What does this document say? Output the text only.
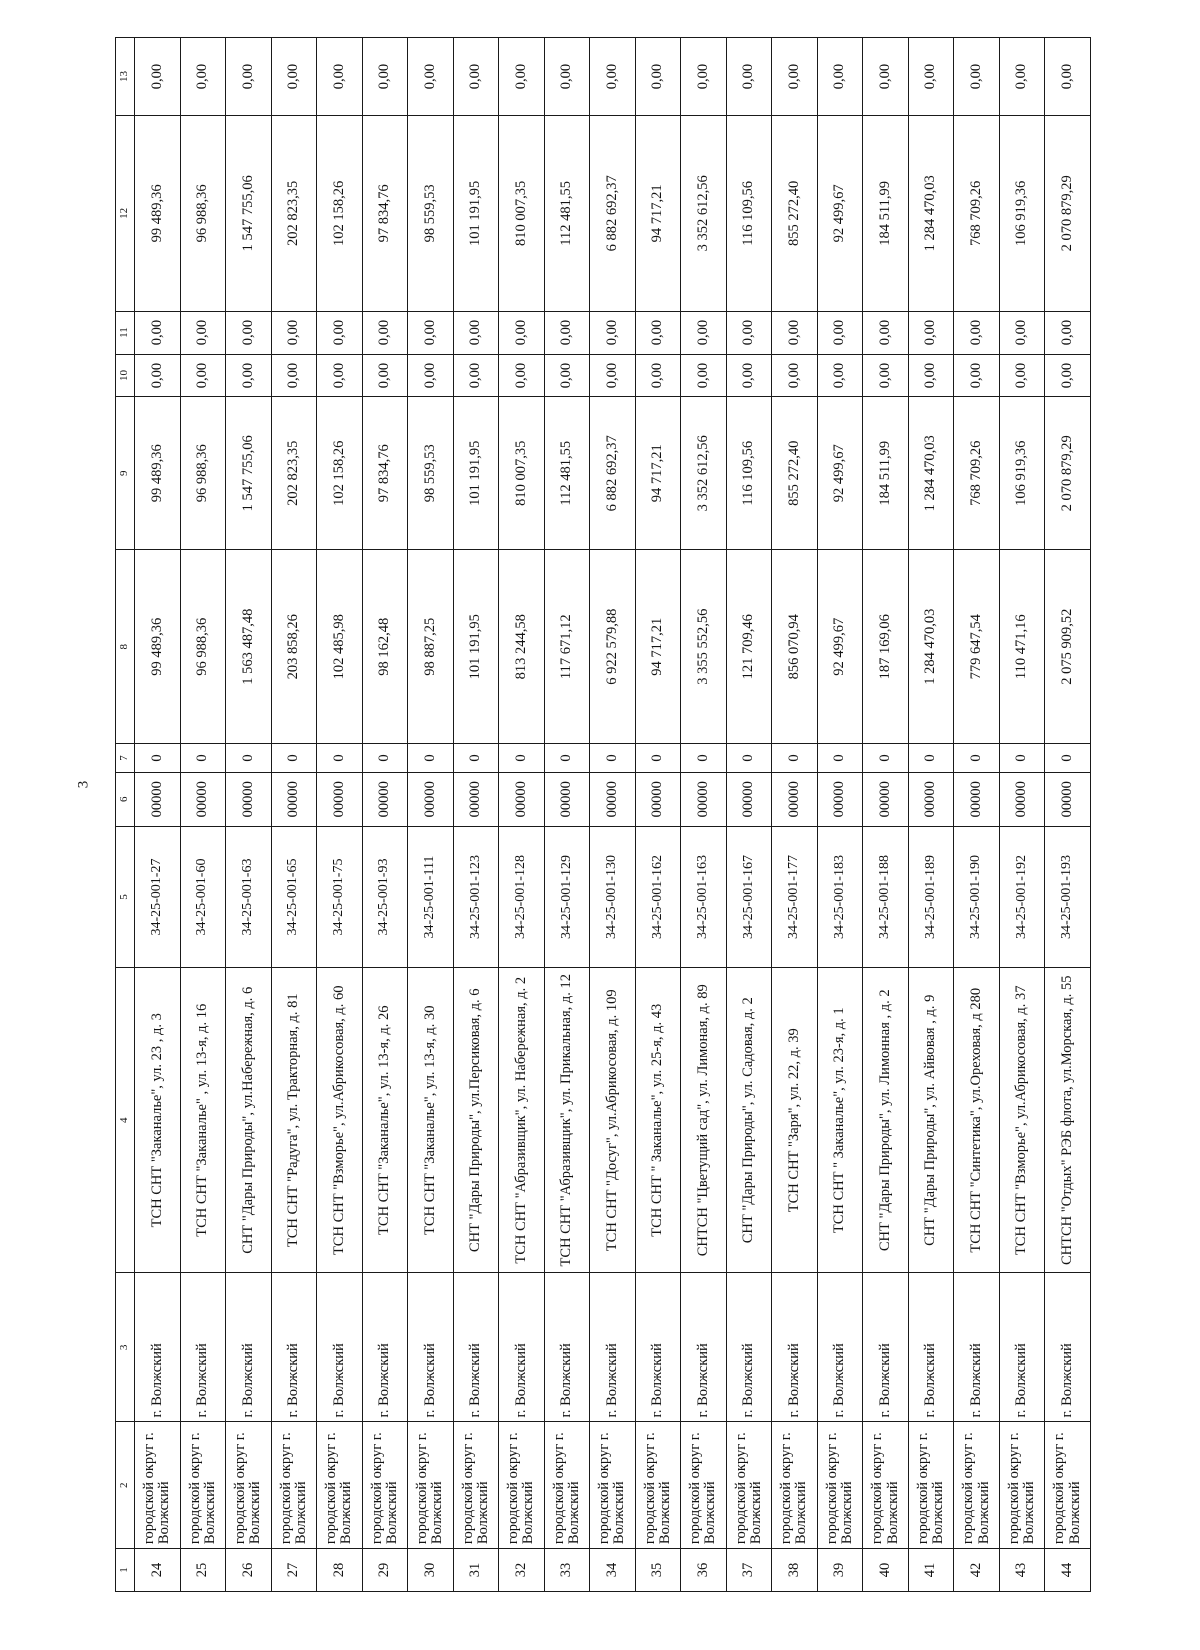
3
1	2	3	4	5	6	7	8	9	10	11	12	13
24	городской округ г. Волжский	г. Волжский	ТСН СНТ "Заканалье", ул. 23 , д. 3	34-25-001-27	00000	0	99 489,36	99 489,36	0,00	0,00	99 489,36	0,00
25	городской округ г. Волжский	г. Волжский	ТСН СНТ "Заканалье" , ул. 13-я, д. 16	34-25-001-60	00000	0	96 988,36	96 988,36	0,00	0,00	96 988,36	0,00
26	городской округ г. Волжский	г. Волжский	СНТ "Дары Природы", ул.Набережная, д. 6	34-25-001-63	00000	0	1 563 487,48	1 547 755,06	0,00	0,00	1 547 755,06	0,00
27	городской округ г. Волжский	г. Волжский	ТСН СНТ "Радуга", ул. Тракторная, д. 81	34-25-001-65	00000	0	203 858,26	202 823,35	0,00	0,00	202 823,35	0,00
28	городской округ г. Волжский	г. Волжский	ТСН СНТ "Взморье", ул.Абрикосовая, д. 60	34-25-001-75	00000	0	102 485,98	102 158,26	0,00	0,00	102 158,26	0,00
29	городской округ г. Волжский	г. Волжский	ТСН СНТ "Заканалье", ул. 13-я, д. 26	34-25-001-93	00000	0	98 162,48	97 834,76	0,00	0,00	97 834,76	0,00
30	городской округ г. Волжский	г. Волжский	ТСН СНТ "Заканалье", ул. 13-я, д. 30	34-25-001-111	00000	0	98 887,25	98 559,53	0,00	0,00	98 559,53	0,00
31	городской округ г. Волжский	г. Волжский	СНТ "Дары Природы", ул.Персиковая, д. 6	34-25-001-123	00000	0	101 191,95	101 191,95	0,00	0,00	101 191,95	0,00
32	городской округ г. Волжский	г. Волжский	ТСН СНТ "Абразивщик", ул. Набережная, д. 2	34-25-001-128	00000	0	813 244,58	810 007,35	0,00	0,00	810 007,35	0,00
33	городской округ г. Волжский	г. Волжский	ТСН СНТ "Абразивщик", ул. Прикальная, д. 12	34-25-001-129	00000	0	117 671,12	112 481,55	0,00	0,00	112 481,55	0,00
34	городской округ г. Волжский	г. Волжский	ТСН СНТ "Досуг", ул.Абрикосовая, д. 109	34-25-001-130	00000	0	6 922 579,88	6 882 692,37	0,00	0,00	6 882 692,37	0,00
35	городской округ г. Волжский	г. Волжский	ТСН СНТ " Заканалье", ул. 25-я, д. 43	34-25-001-162	00000	0	94 717,21	94 717,21	0,00	0,00	94 717,21	0,00
36	городской округ г. Волжский	г. Волжский	СНТСН "Цветущий сад", ул. Лимоная, д. 89	34-25-001-163	00000	0	3 355 552,56	3 352 612,56	0,00	0,00	3 352 612,56	0,00
37	городской округ г. Волжский	г. Волжский	СНТ "Дары Природы", ул. Садовая, д. 2	34-25-001-167	00000	0	121 709,46	116 109,56	0,00	0,00	116 109,56	0,00
38	городской округ г. Волжский	г. Волжский	ТСН СНТ "Заря", ул. 22, д. 39	34-25-001-177	00000	0	856 070,94	855 272,40	0,00	0,00	855 272,40	0,00
39	городской округ г. Волжский	г. Волжский	ТСН СНТ " Заканалье", ул. 23-я, д. 1	34-25-001-183	00000	0	92 499,67	92 499,67	0,00	0,00	92 499,67	0,00
40	городской округ г. Волжский	г. Волжский	СНТ "Дары Природы", ул. Лимонная , д. 2	34-25-001-188	00000	0	187 169,06	184 511,99	0,00	0,00	184 511,99	0,00
41	городской округ г. Волжский	г. Волжский	СНТ "Дары Природы", ул. Айвовая , д. 9	34-25-001-189	00000	0	1 284 470,03	1 284 470,03	0,00	0,00	1 284 470,03	0,00
42	городской округ г. Волжский	г. Волжский	ТСН СНТ "Синтетика", ул.Ореховая, д 280	34-25-001-190	00000	0	779 647,54	768 709,26	0,00	0,00	768 709,26	0,00
43	городской округ г. Волжский	г. Волжский	ТСН СНТ "Взморье", ул.Абрикосовая, д. 37	34-25-001-192	00000	0	110 471,16	106 919,36	0,00	0,00	106 919,36	0,00
44	городской округ г. Волжский	г. Волжский	СНТСН "Отдых" РЭБ флота, ул.Морская, д. 55	34-25-001-193	00000	0	2 075 909,52	2 070 879,29	0,00	0,00	2 070 879,29	0,00
